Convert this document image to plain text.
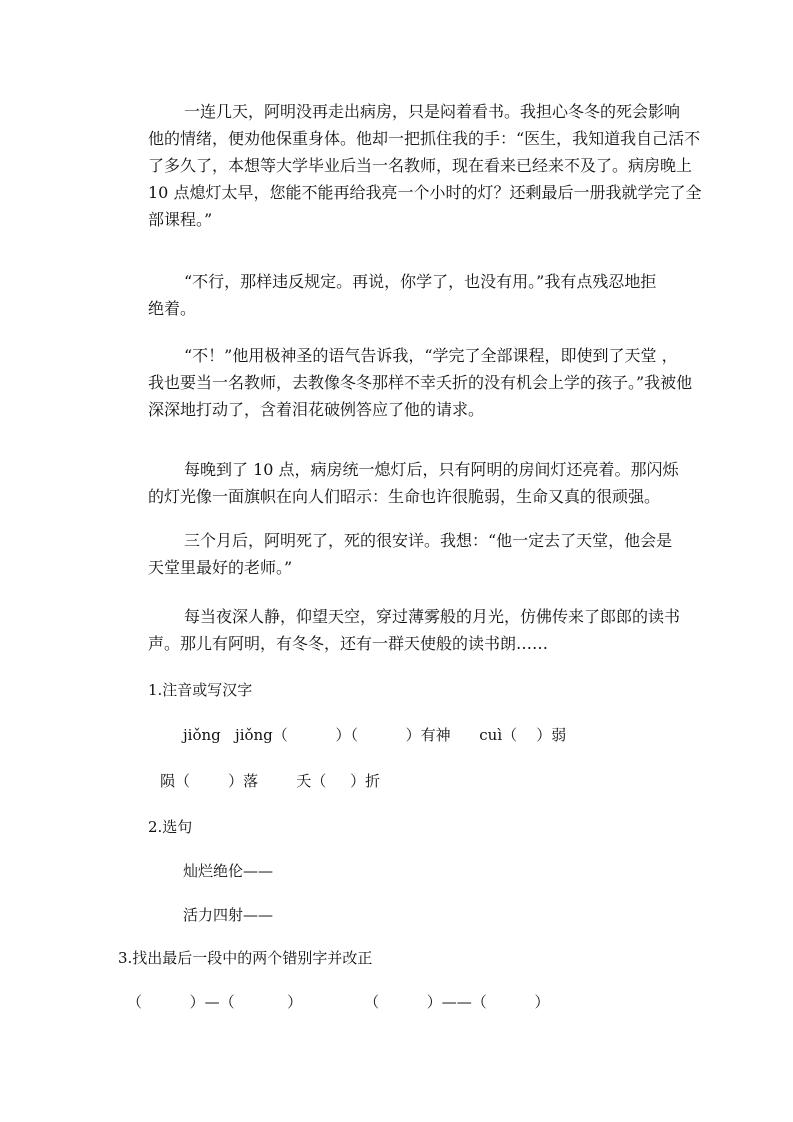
一连几天，阿明没再走出病房，只是闷着看书。我担心冬冬的死会影响
他的情绪，便劝他保重身体。他却一把抓住我的手：“医生，我知道我自己活不
了多久了，本想等大学毕业后当一名教师，现在看来已经来不及了。病房晚上
10 点熄灯太早，您能不能再给我亮一个小时的灯？还剩最后一册我就学完了全
部课程。”
“不行，那样违反规定。再说，你学了，也没有用。”我有点残忍地拒
绝着。
“不！”他用极神圣的语气告诉我，“学完了全部课程，即使到了天堂 ，
我也要当一名教师，去教像冬冬那样不幸夭折的没有机会上学的孩子。”我被他
深深地打动了，含着泪花破例答应了他的请求。
每晚到了 10 点，病房统一熄灯后，只有阿明的房间灯还亮着。那闪烁
的灯光像一面旗帜在向人们昭示：生命也许很脆弱，生命又真的很顽强。
三个月后，阿明死了，死的很安详。我想：“他一定去了天堂，他会是
天堂里最好的老师。”
每当夜深人静，仰望天空，穿过薄雾般的月光，仿佛传来了郎郎的读书
声。那儿有阿明，有冬冬，还有一群天使般的读书朗……
1.注音或写汉字
jiǒng   jiǒng（          ）（          ）有神      cuì（    ）弱
陨（        ）落        夭（     ）折
2.选句
灿烂绝伦——
活力四射——
3.找出最后一段中的两个错别字并改正
（          ）—（           ）             （          ）——（          ）
